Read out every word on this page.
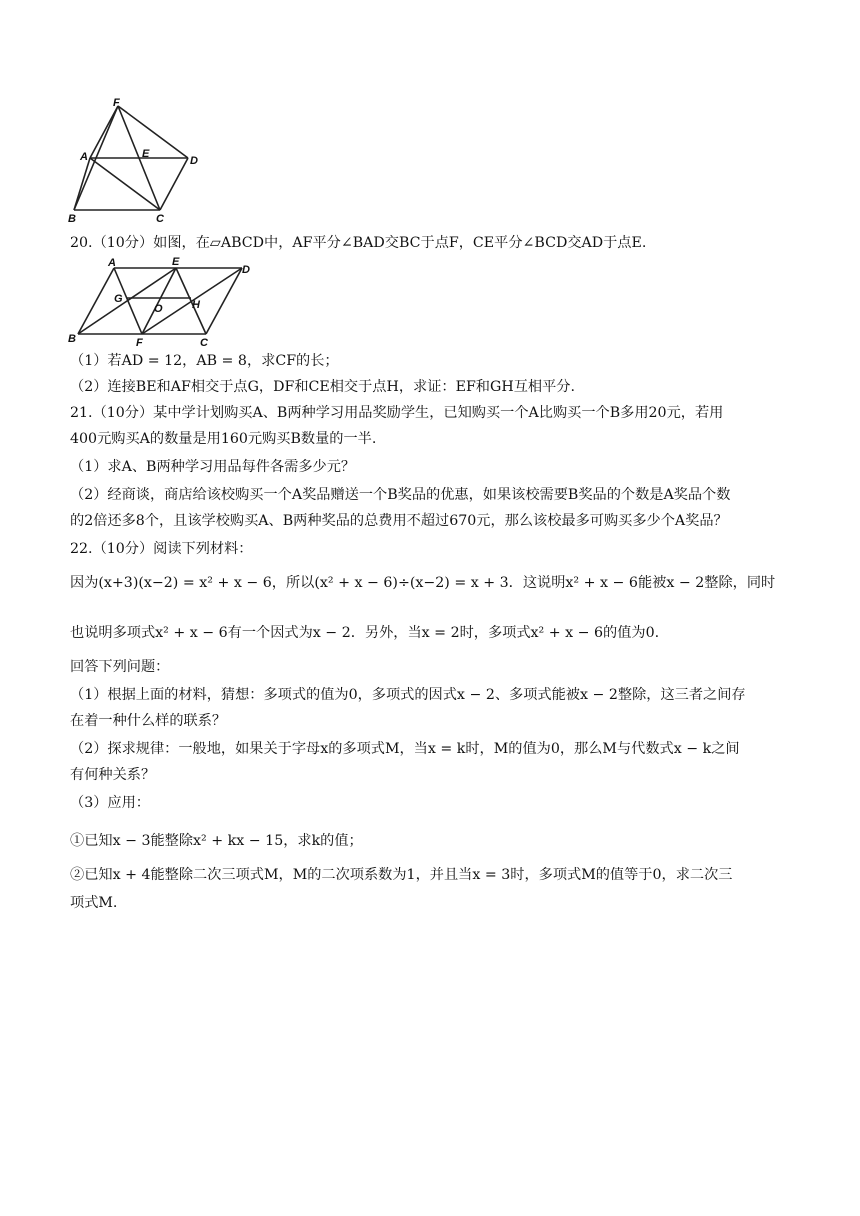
F
A	E
D
B	C
20.（10分）如图，在▱ABCD中，AF平分∠BAD交BC于点F，CE平分∠BCD交AD于点E.
A	E
D
G
O	H
B	F	C
（1）若AD = 12，AB = 8，求CF的长；
（2）连接BE和AF相交于点G，DF和CE相交于点H，求证：EF和GH互相平分.
21.（10分）某中学计划购买A、B两种学习用品奖励学生，已知购买一个A比购买一个B多用20元，若用
400元购买A的数量是用160元购买B数量的一半.
（1）求A、B两种学习用品每件各需多少元？
（2）经商谈，商店给该校购买一个A奖品赠送一个B奖品的优惠，如果该校需要B奖品的个数是A奖品个数
的2倍还多8个，且该学校购买A、B两种奖品的总费用不超过670元，那么该校最多可购买多少个A奖品？
22.（10分）阅读下列材料：
因为(x+3)(x−2) = x² + x − 6，所以(x² + x − 6)÷(x−2) = x + 3．这说明x² + x − 6能被x − 2整除，同时
也说明多项式x² + x − 6有一个因式为x − 2．另外，当x = 2时，多项式x² + x − 6的值为0.
回答下列问题：
（1）根据上面的材料，猜想：多项式的值为0，多项式的因式x − 2、多项式能被x − 2整除，这三者之间存
在着一种什么样的联系？
（2）探求规律：一般地，如果关于字母x的多项式M，当x = k时，M的值为0，那么M与代数式x − k之间
有何种关系？
（3）应用：
①已知x − 3能整除x² + kx − 15，求k的值；
②已知x + 4能整除二次三项式M，M的二次项系数为1，并且当x = 3时，多项式M的值等于0，求二次三
项式M.
